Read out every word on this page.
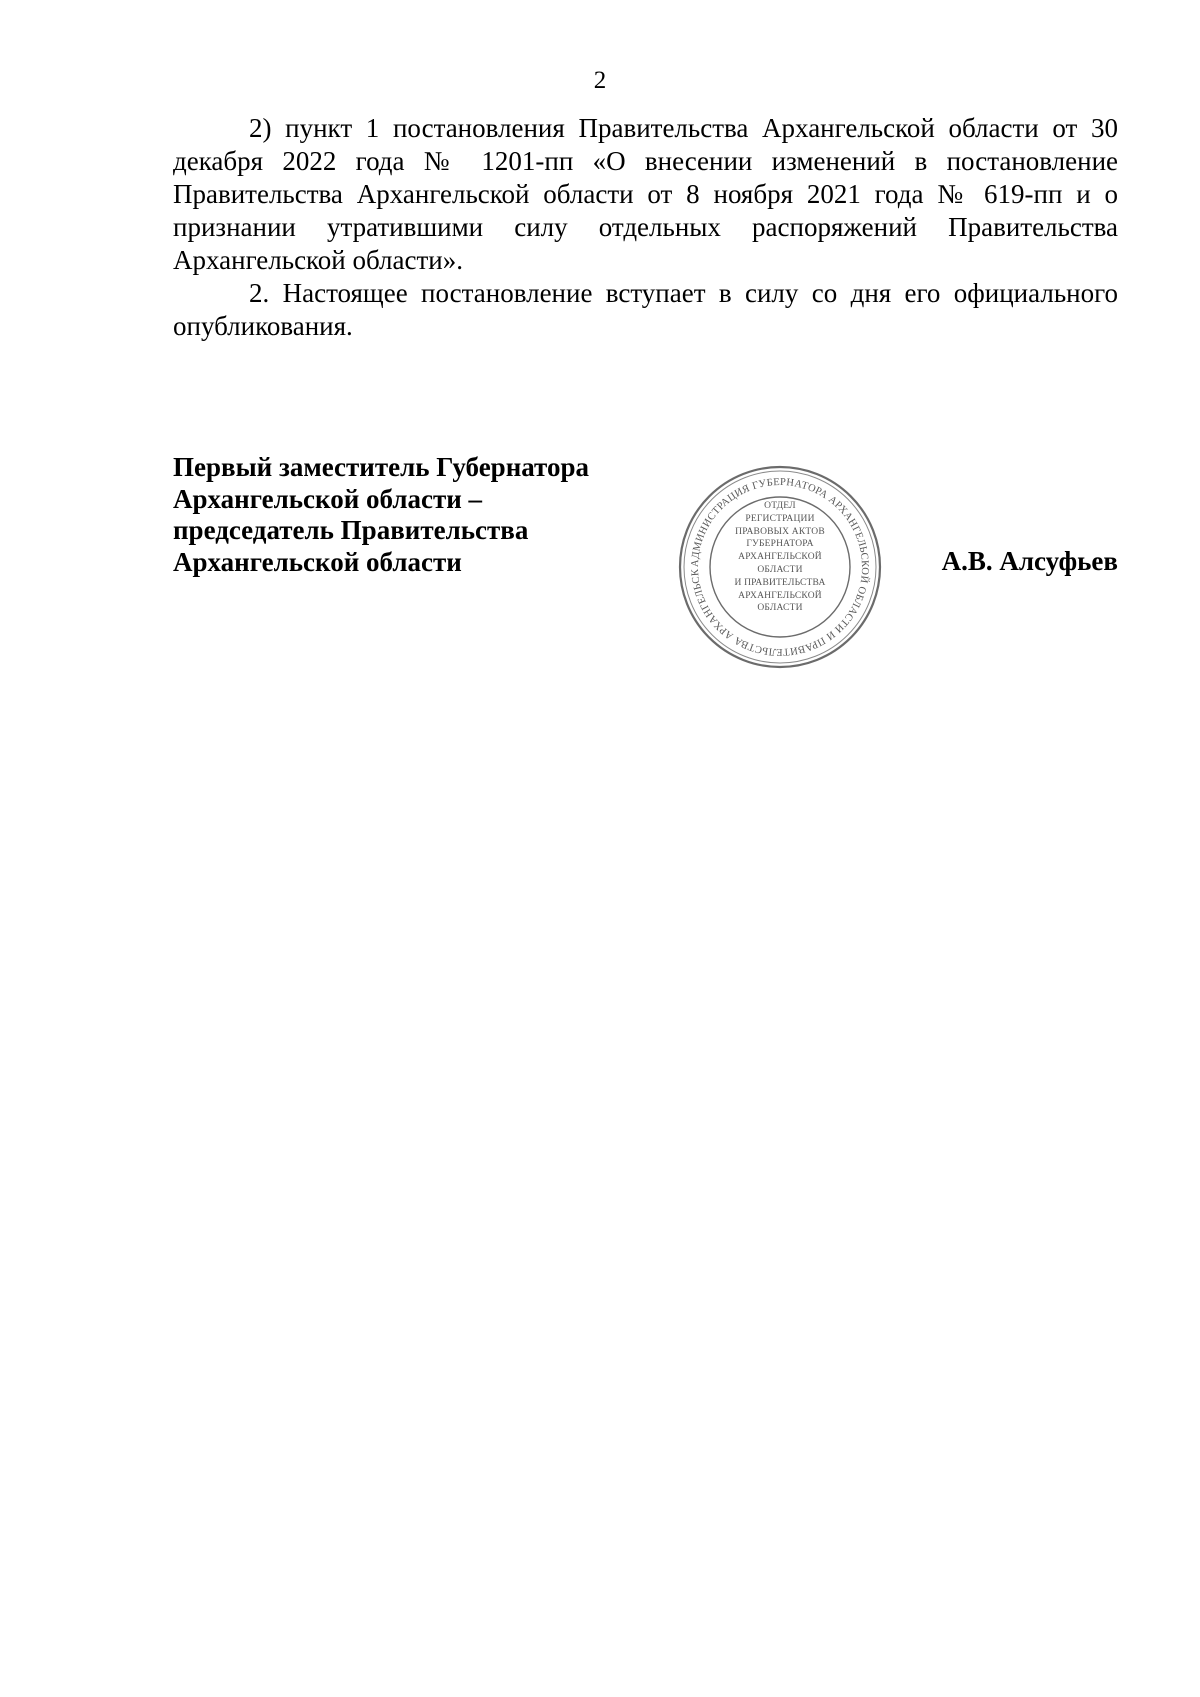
2

2) пункт 1 постановления Правительства Архангельской области от 30 декабря 2022 года № 1201-пп «О внесении изменений в постановление Правительства Архангельской области от 8 ноября 2021 года № 619-пп и о признании утратившими силу отдельных распоряжений Правительства Архангельской области».

2. Настоящее постановление вступает в силу со дня его официального опубликования.

Первый заместитель Губернатора
Архангельской области –
председатель Правительства
Архангельской области	А.В. Алсуфьев
АДМИНИСТРАЦИЯ ГУБЕРНАТОРА АРХАНГЕЛЬСКОЙ ОБЛАСТИ И ПРАВИТЕЛЬСТВА АРХАНГЕЛЬСК
ОТДЕЛ
РЕГИСТРАЦИИ
ПРАВОВЫХ АКТОВ
ГУБЕРНАТОРА
АРХАНГЕЛЬСКОЙ
ОБЛАСТИ
И ПРАВИТЕЛЬСТВА
АРХАНГЕЛЬСКОЙ
ОБЛАСТИ
